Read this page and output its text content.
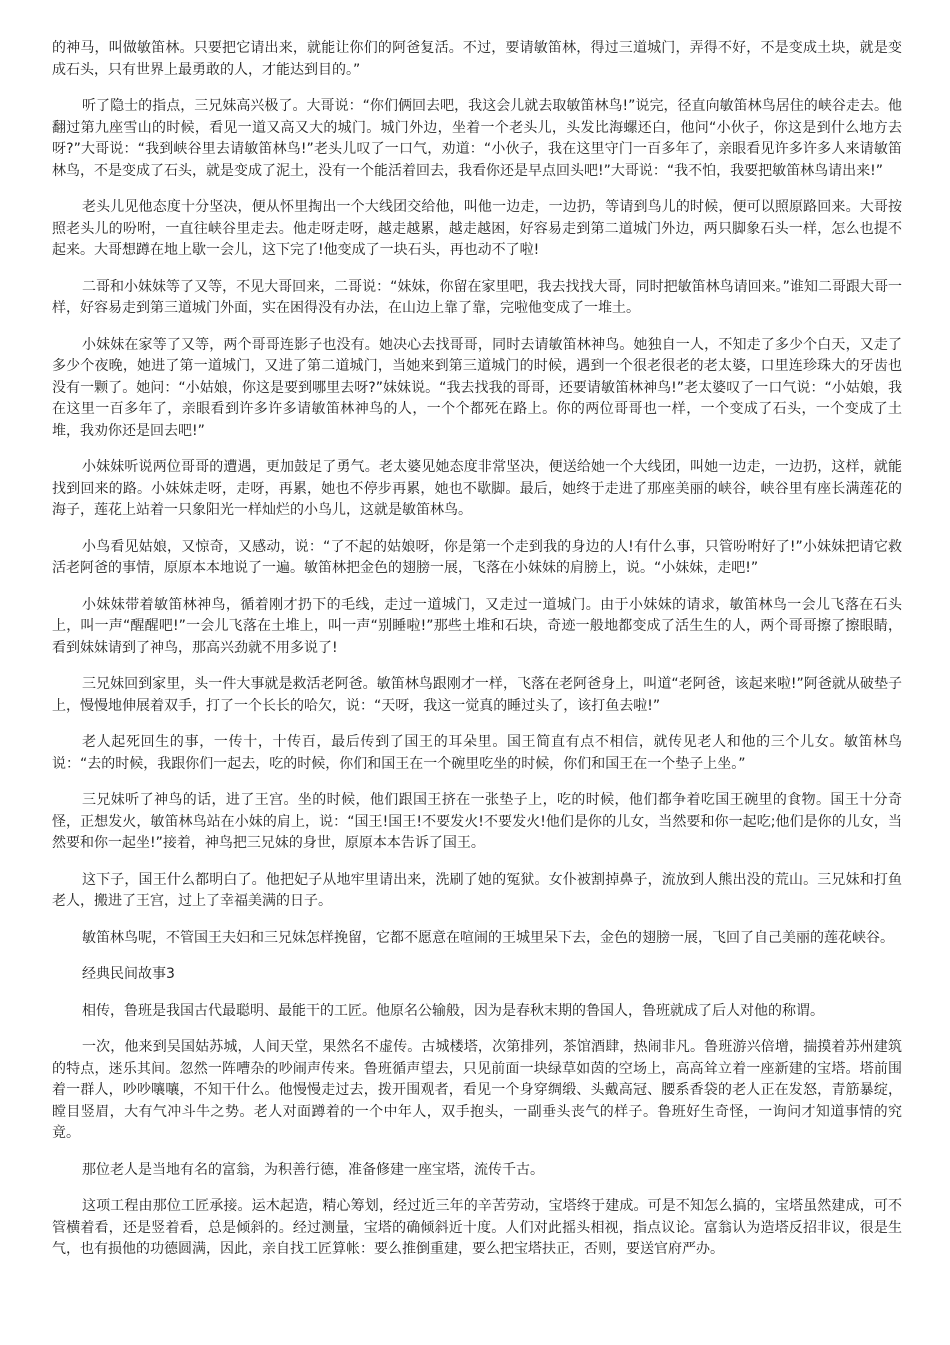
的神马，叫做敏笛林。只要把它请出来，就能让你们的阿爸复活。不过，要请敏笛林，得过三道城门，弄得不好，不是变成土块，就是变成石头，只有世界上最勇敢的人，才能达到目的。”

听了隐士的指点，三兄妹高兴极了。大哥说：“你们俩回去吧，我这会儿就去取敏笛林鸟!”说完，径直向敏笛林鸟居住的峡谷走去。他翻过第九座雪山的时候，看见一道又高又大的城门。城门外边，坐着一个老头儿，头发比海螺还白，他问“小伙子，你这是到什么地方去呀?”大哥说：“我到峡谷里去请敏笛林鸟!”老头儿叹了一口气，劝道：“小伙子，我在这里守门一百多年了，亲眼看见许多许多人来请敏笛林鸟，不是变成了石头，就是变成了泥土，没有一个能活着回去，我看你还是早点回头吧!”大哥说：“我不怕，我要把敏笛林鸟请出来!”

老头儿见他态度十分坚决，便从怀里掏出一个大线团交给他，叫他一边走，一边扔，等请到鸟儿的时候，便可以照原路回来。大哥按照老头儿的吩咐，一直往峡谷里走去。他走呀走呀，越走越累，越走越困，好容易走到第二道城门外边，两只脚象石头一样，怎么也提不起来。大哥想蹲在地上歇一会儿，这下完了!他变成了一块石头，再也动不了啦!

二哥和小妹妹等了又等，不见大哥回来，二哥说：“妹妹，你留在家里吧，我去找找大哥，同时把敏笛林鸟请回来。”谁知二哥跟大哥一样，好容易走到第三道城门外面，实在困得没有办法，在山边上靠了靠，完啦他变成了一堆土。

小妹妹在家等了又等，两个哥哥连影子也没有。她决心去找哥哥，同时去请敏笛林神鸟。她独自一人，不知走了多少个白天，又走了多少个夜晚，她进了第一道城门，又进了第二道城门，当她来到第三道城门的时候，遇到一个很老很老的老太婆，口里连珍珠大的牙齿也没有一颗了。她问：“小姑娘，你这是要到哪里去呀?”妹妹说。“我去找我的哥哥，还要请敏笛林神鸟!”老太婆叹了一口气说：“小姑娘，我在这里一百多年了，亲眼看到许多许多请敏笛林神鸟的人，一个个都死在路上。你的两位哥哥也一样，一个变成了石头，一个变成了土堆，我劝你还是回去吧!”

小妹妹听说两位哥哥的遭遇，更加鼓足了勇气。老太婆见她态度非常坚决，便送给她一个大线团，叫她一边走，一边扔，这样，就能找到回来的路。小妹妹走呀，走呀，再累，她也不停步再累，她也不歇脚。最后，她终于走进了那座美丽的峡谷，峡谷里有座长满莲花的海子，莲花上站着一只象阳光一样灿烂的小鸟儿，这就是敏笛林鸟。

小鸟看见姑娘，又惊奇，又感动，说：“了不起的姑娘呀，你是第一个走到我的身边的人!有什么事，只管吩咐好了!”小妹妹把请它救活老阿爸的事情，原原本本地说了一遍。敏笛林把金色的翅膀一展，飞落在小妹妹的肩膀上，说。“小妹妹，走吧!”

小妹妹带着敏笛林神鸟，循着刚才扔下的毛线，走过一道城门，又走过一道城门。由于小妹妹的请求，敏笛林鸟一会儿飞落在石头上，叫一声“醒醒吧!”一会儿飞落在土堆上，叫一声“别睡啦!”那些土堆和石块，奇迹一般地都变成了活生生的人，两个哥哥擦了擦眼睛，看到妹妹请到了神鸟，那高兴劲就不用多说了!

三兄妹回到家里，头一件大事就是救活老阿爸。敏笛林鸟跟刚才一样，飞落在老阿爸身上，叫道“老阿爸，该起来啦!”阿爸就从破垫子上，慢慢地伸展着双手，打了一个长长的哈欠，说：“天呀，我这一觉真的睡过头了，该打鱼去啦!”

老人起死回生的事，一传十，十传百，最后传到了国王的耳朵里。国王简直有点不相信，就传见老人和他的三个儿女。敏笛林鸟说：“去的时候，我跟你们一起去，吃的时候，你们和国王在一个碗里吃坐的时候，你们和国王在一个垫子上坐。”

三兄妹听了神鸟的话，进了王宫。坐的时候，他们跟国王挤在一张垫子上，吃的时候，他们都争着吃国王碗里的食物。国王十分奇怪，正想发火，敏笛林鸟站在小妹的肩上，说：“国王!国王!不要发火!不要发火!他们是你的儿女，当然要和你一起吃;他们是你的儿女，当然要和你一起坐!”接着，神鸟把三兄妹的身世，原原本本告诉了国王。

这下子，国王什么都明白了。他把妃子从地牢里请出来，洗刷了她的冤狱。女仆被割掉鼻子，流放到人熊出没的荒山。三兄妹和打鱼老人，搬进了王宫，过上了幸福美满的日子。

敏笛林鸟呢，不管国王夫妇和三兄妹怎样挽留，它都不愿意在喧闹的王城里呆下去，金色的翅膀一展，飞回了自己美丽的莲花峡谷。

经典民间故事3

相传，鲁班是我国古代最聪明、最能干的工匠。他原名公输般，因为是春秋末期的鲁国人，鲁班就成了后人对他的称谓。

一次，他来到吴国姑苏城，人间天堂，果然名不虚传。古城楼塔，次第排列，茶馆酒肆，热闹非凡。鲁班游兴倍增，揣摸着苏州建筑的特点，迷乐其间。忽然一阵嘈杂的吵闹声传来。鲁班循声望去，只见前面一块绿草如茵的空场上，高高耸立着一座新建的宝塔。塔前围着一群人，吵吵嚷嚷，不知干什么。他慢慢走过去，拨开围观者，看见一个身穿绸缎、头戴高冠、腰系香袋的老人正在发怒，青筋暴绽，瞠目竖眉，大有气冲斗牛之势。老人对面蹲着的一个中年人，双手抱头，一副垂头丧气的样子。鲁班好生奇怪，一询问才知道事情的究竟。

那位老人是当地有名的富翁，为积善行德，准备修建一座宝塔，流传千古。

这项工程由那位工匠承接。运木起造，精心筹划，经过近三年的辛苦劳动，宝塔终于建成。可是不知怎么搞的，宝塔虽然建成，可不管横着看，还是竖着看，总是倾斜的。经过测量，宝塔的确倾斜近十度。人们对此摇头相视，指点议论。富翁认为造塔反招非议，很是生气，也有损他的功德圆满，因此，亲自找工匠算帐：要么推倒重建，要么把宝塔扶正，否则，要送官府严办。
